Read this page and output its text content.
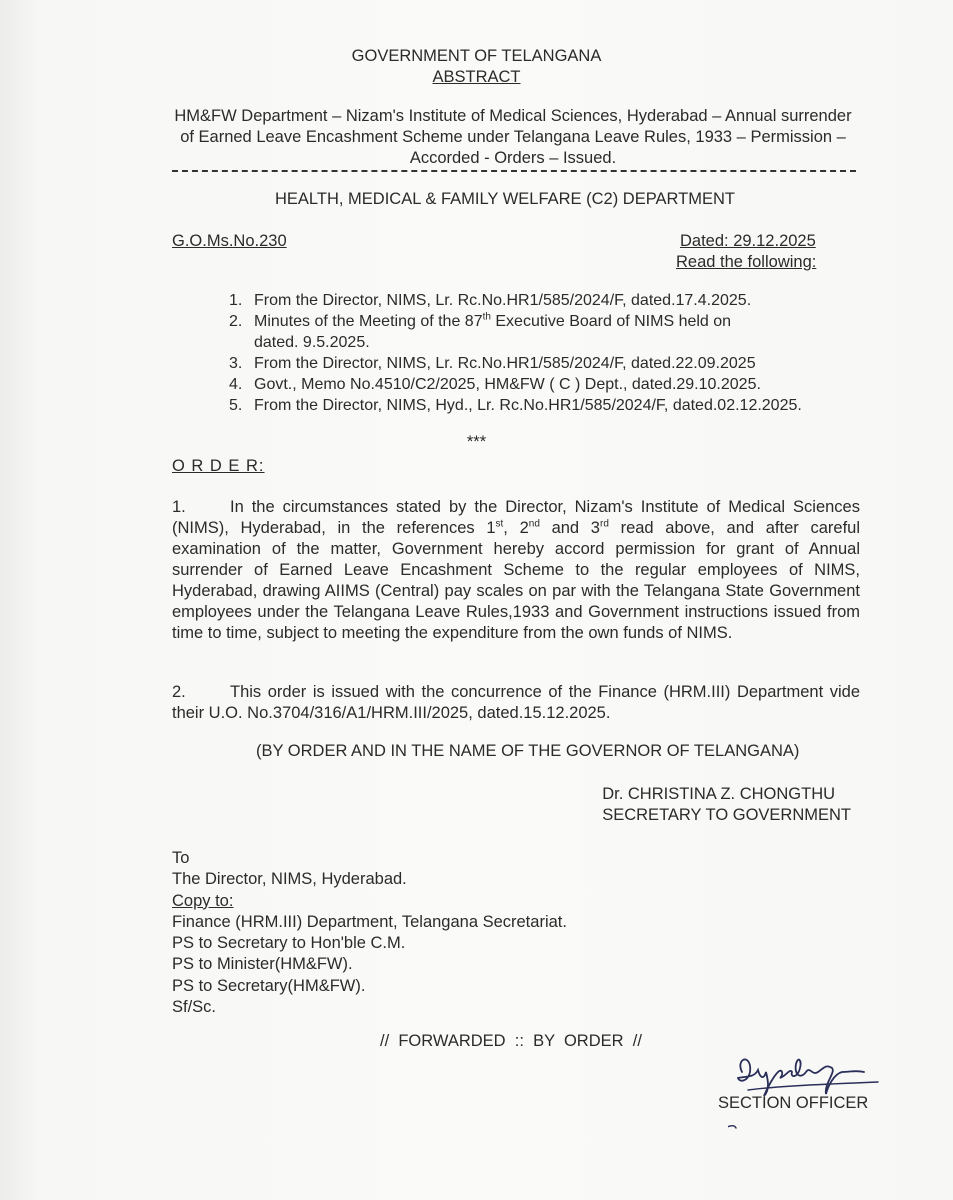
GOVERNMENT OF TELANGANA
ABSTRACT
HM&FW Department – Nizam's Institute of Medical Sciences, Hyderabad – Annual surrender of Earned Leave Encashment Scheme under Telangana Leave Rules, 1933 – Permission – Accorded - Orders – Issued.
HEALTH, MEDICAL & FAMILY WELFARE (C2) DEPARTMENT
G.O.Ms.No.230	Dated: 29.12.2025
Read the following:
1. From the Director, NIMS, Lr. Rc.No.HR1/585/2024/F, dated.17.4.2025.
2. Minutes of the Meeting of the 87th Executive Board of NIMS held on
dated. 9.5.2025.
3. From the Director, NIMS, Lr. Rc.No.HR1/585/2024/F, dated.22.09.2025
4. Govt., Memo No.4510/C2/2025, HM&FW ( C ) Dept., dated.29.10.2025.
5. From the Director, NIMS, Hyd., Lr. Rc.No.HR1/585/2024/F, dated.02.12.2025.
***
O R D E R:
1.	In the circumstances stated by the Director, Nizam's Institute of Medical Sciences (NIMS), Hyderabad, in the references 1st, 2nd and 3rd read above, and after careful examination of the matter, Government hereby accord permission for grant of Annual surrender of Earned Leave Encashment Scheme to the regular employees of NIMS, Hyderabad, drawing AIIMS (Central) pay scales on par with the Telangana State Government employees under the Telangana Leave Rules,1933 and Government instructions issued from time to time, subject to meeting the expenditure from the own funds of NIMS.
2.	This order is issued with the concurrence of the Finance (HRM.III) Department vide their U.O. No.3704/316/A1/HRM.III/2025, dated.15.12.2025.
(BY ORDER AND IN THE NAME OF THE GOVERNOR OF TELANGANA)
Dr. CHRISTINA Z. CHONGTHU
SECRETARY TO GOVERNMENT
To
The Director, NIMS, Hyderabad.
Copy to:
Finance (HRM.III) Department, Telangana Secretariat.
PS to Secretary to Hon'ble C.M.
PS to Minister(HM&FW).
PS to Secretary(HM&FW).
Sf/Sc.
//  FORWARDED  ::  BY  ORDER  //
SECTION OFFICER
